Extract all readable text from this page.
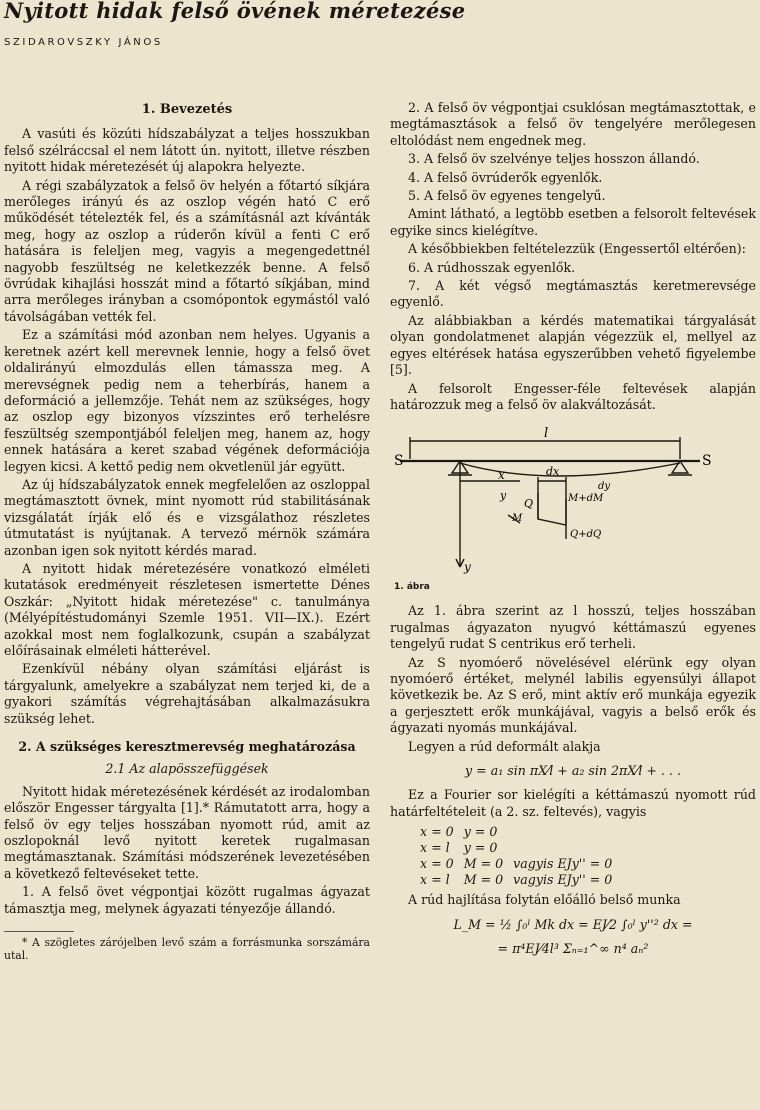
Nyitott hidak felső övének méretezése
SZIDAROVSZKY JÁNOS
1. Bevezetés

A vasúti és közúti hídszabályzat a teljes hosszukban felső szélráccsal el nem látott ún. nyitott, illetve részben nyitott hidak méretezését új alapokra helyezte.

A régi szabályzatok a felső öv helyén a főtartó síkjára merőleges irányú és az oszlop végén ható C erő működését tételezték fel, és a számításnál azt kívánták meg, hogy az oszlop a rúderőn kívül a fenti C erő hatására is feleljen meg, vagyis a megengedettnél nagyobb feszültség ne keletkezzék benne. A felső övrúdak kihajlási hosszát mind a főtartó síkjában, mind arra merőleges irányban a csomópontok egymástól való távolságában vették fel.

Ez a számítási mód azonban nem helyes. Ugyanis a keretnek azért kell merevnek lennie, hogy a felső övet oldalirányú elmozdulás ellen támassza meg. A merevségnek pedig nem a teherbírás, hanem a deformáció a jellemzője. Tehát nem az szükséges, hogy az oszlop egy bizonyos vízszintes erő terhelésre feszültség szempontjából feleljen meg, hanem az, hogy ennek hatására a keret szabad végének deformációja legyen kicsi. A kettő pedig nem okvetlenül jár együtt.

Az új hídszabályzatok ennek megfelelően az oszloppal megtámasztott övnek, mint nyomott rúd stabilitásának vizsgálatát írják elő és e vizsgálathoz részletes útmutatást is nyújtanak. A tervező mérnök számára azonban igen sok nyitott kérdés marad.

A nyitott hidak méretezésére vonatkozó elméleti kutatások eredményeit részletesen ismertette Dénes Oszkár: „Nyitott hidak méretezése" c. tanulmánya (Mélyépítéstudományi Szemle 1951. VII—IX.). Ezért azokkal most nem foglalkozunk, csupán a szabályzat előírásainak elméleti hátterével.

Ezenkívül nébány olyan számítási eljárást is tárgyalunk, amelyekre a szabályzat nem terjed ki, de a gyakori számítás végrehajtásában alkalmazásukra szükség lehet.

2. A szükséges keresztmerevség meghatározása
2.1 Az alapösszefüggések

Nyitott hidak méretezésének kérdését az irodalomban először Engesser tárgyalta [1].* Rámutatott arra, hogy a felső öv egy teljes hosszában nyomott rúd, amit az oszlopoknál levő nyitott keretek rugalmasan megtámasztanak. Számítási módszerének levezetésében a következő feltevéseket tette.

1. A felső övet végpontjai között rugalmas ágyazat támasztja meg, melynek ágyazati tényezője állandó.

* A szögletes zárójelben levő szám a forrásmunka sorszámára utal.

2. A felső öv végpontjai csuklósan megtámasztottak, e megtámasztások a felső öv tengelyére merőlegesen eltolódást nem engednek meg.

3. A felső öv szelvénye teljes hosszon állandó.

4. A felső övrúderők egyenlők.

5. A felső öv egyenes tengelyű.

Amint látható, a legtöbb esetben a felsorolt feltevések egyike sincs kielégítve.

A későbbiekben feltételezzük (Engessertől eltérően):

6. A rúdhosszak egyenlők.

7. A két végső megtámasztás keretmerevsége egyenlő.

Az alábbiakban a kérdés matematikai tárgyalását olyan gondolatmenet alapján végezzük el, mellyel az egyes eltérések hatása egyszerűbben vehető figyelembe [5].

A felsorolt Engesser-féle feltevések alapján határozzuk meg a felső öv alakváltozását.

S	S
l
x	dx
y
Q
M
M+dM
dy
Q+dQ
y
1. ábra

Az 1. ábra szerint az l hosszú, teljes hosszában rugalmas ágyazaton nyugvó kéttámaszú egyenes tengelyű rudat S centrikus erő terheli.

Az S nyomóerő növelésével elérünk egy olyan nyomóerő értéket, melynél labilis egyensúlyi állapot következik be. Az S erő, mint aktív erő munkája egyezik a gerjesztett erők munkájával, vagyis a belső erők és ágyazati nyomás munkájával.

Legyen a rúd deformált alakja

y = a₁ sin πX⁄l + a₂ sin 2πX⁄l + . . .

Ez a Fourier sor kielégíti a kéttámaszú nyomott rúd határfeltételeit (a 2. sz. feltevés), vagyis

x = 0	y = 0	
x = l	y = 0	
x = 0	M = 0	vagyis EJy'' = 0
x = l	M = 0	vagyis EJy'' = 0

A rúd hajlítása folytán előálló belső munka

L_M = ½ ∫₀ˡ Mk dx = EJ⁄2 ∫₀ˡ y''² dx =
= π⁴EJ⁄4l³ Σₙ₌₁^∞ n⁴ aₙ²
